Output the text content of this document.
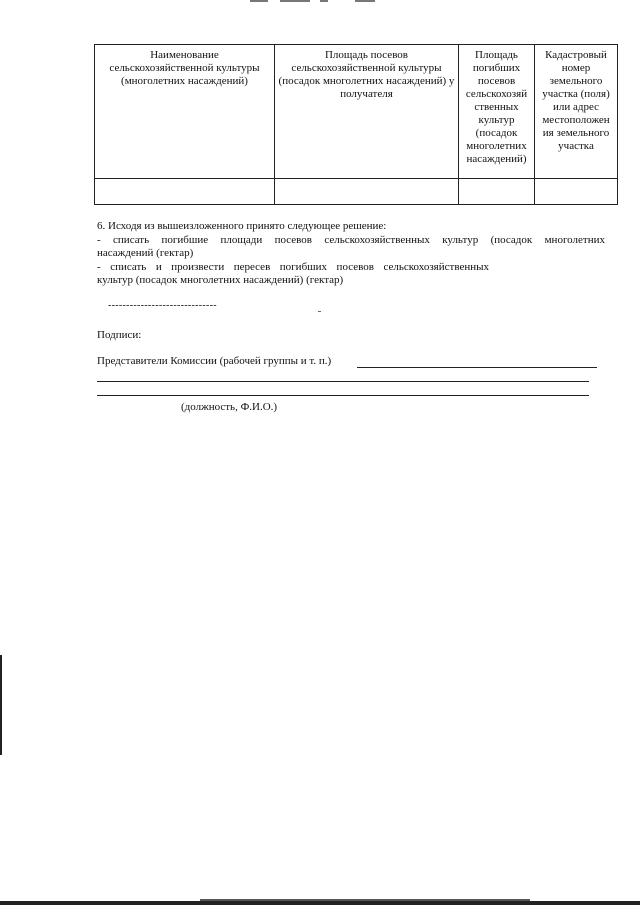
Наименование сельскохозяйственной культуры (многолетних насаждений)	Площадь посевов сельскохозяйственной культуры (посадок многолетних насаждений) у получателя	Площадь погибших посевов сельскохозяй ственных культур (посадок многолетних насаждений)	Кадастровый номер земельного участка (поля) или адрес местоположен ия земельного участка

6. Исходя из вышеизложенного принято следующее решение:
- списать погибшие площади посевов сельскохозяйственных культур (посадок многолетних
насаждений (гектар)
- списать и произвести пересев погибших посевов сельскохозяйственных
культур (посадок многолетних насаждений) (гектар)
------------------------------
Подписи:
Представители Комиссии (рабочей группы и т. п.)
(должность, Ф.И.О.)
